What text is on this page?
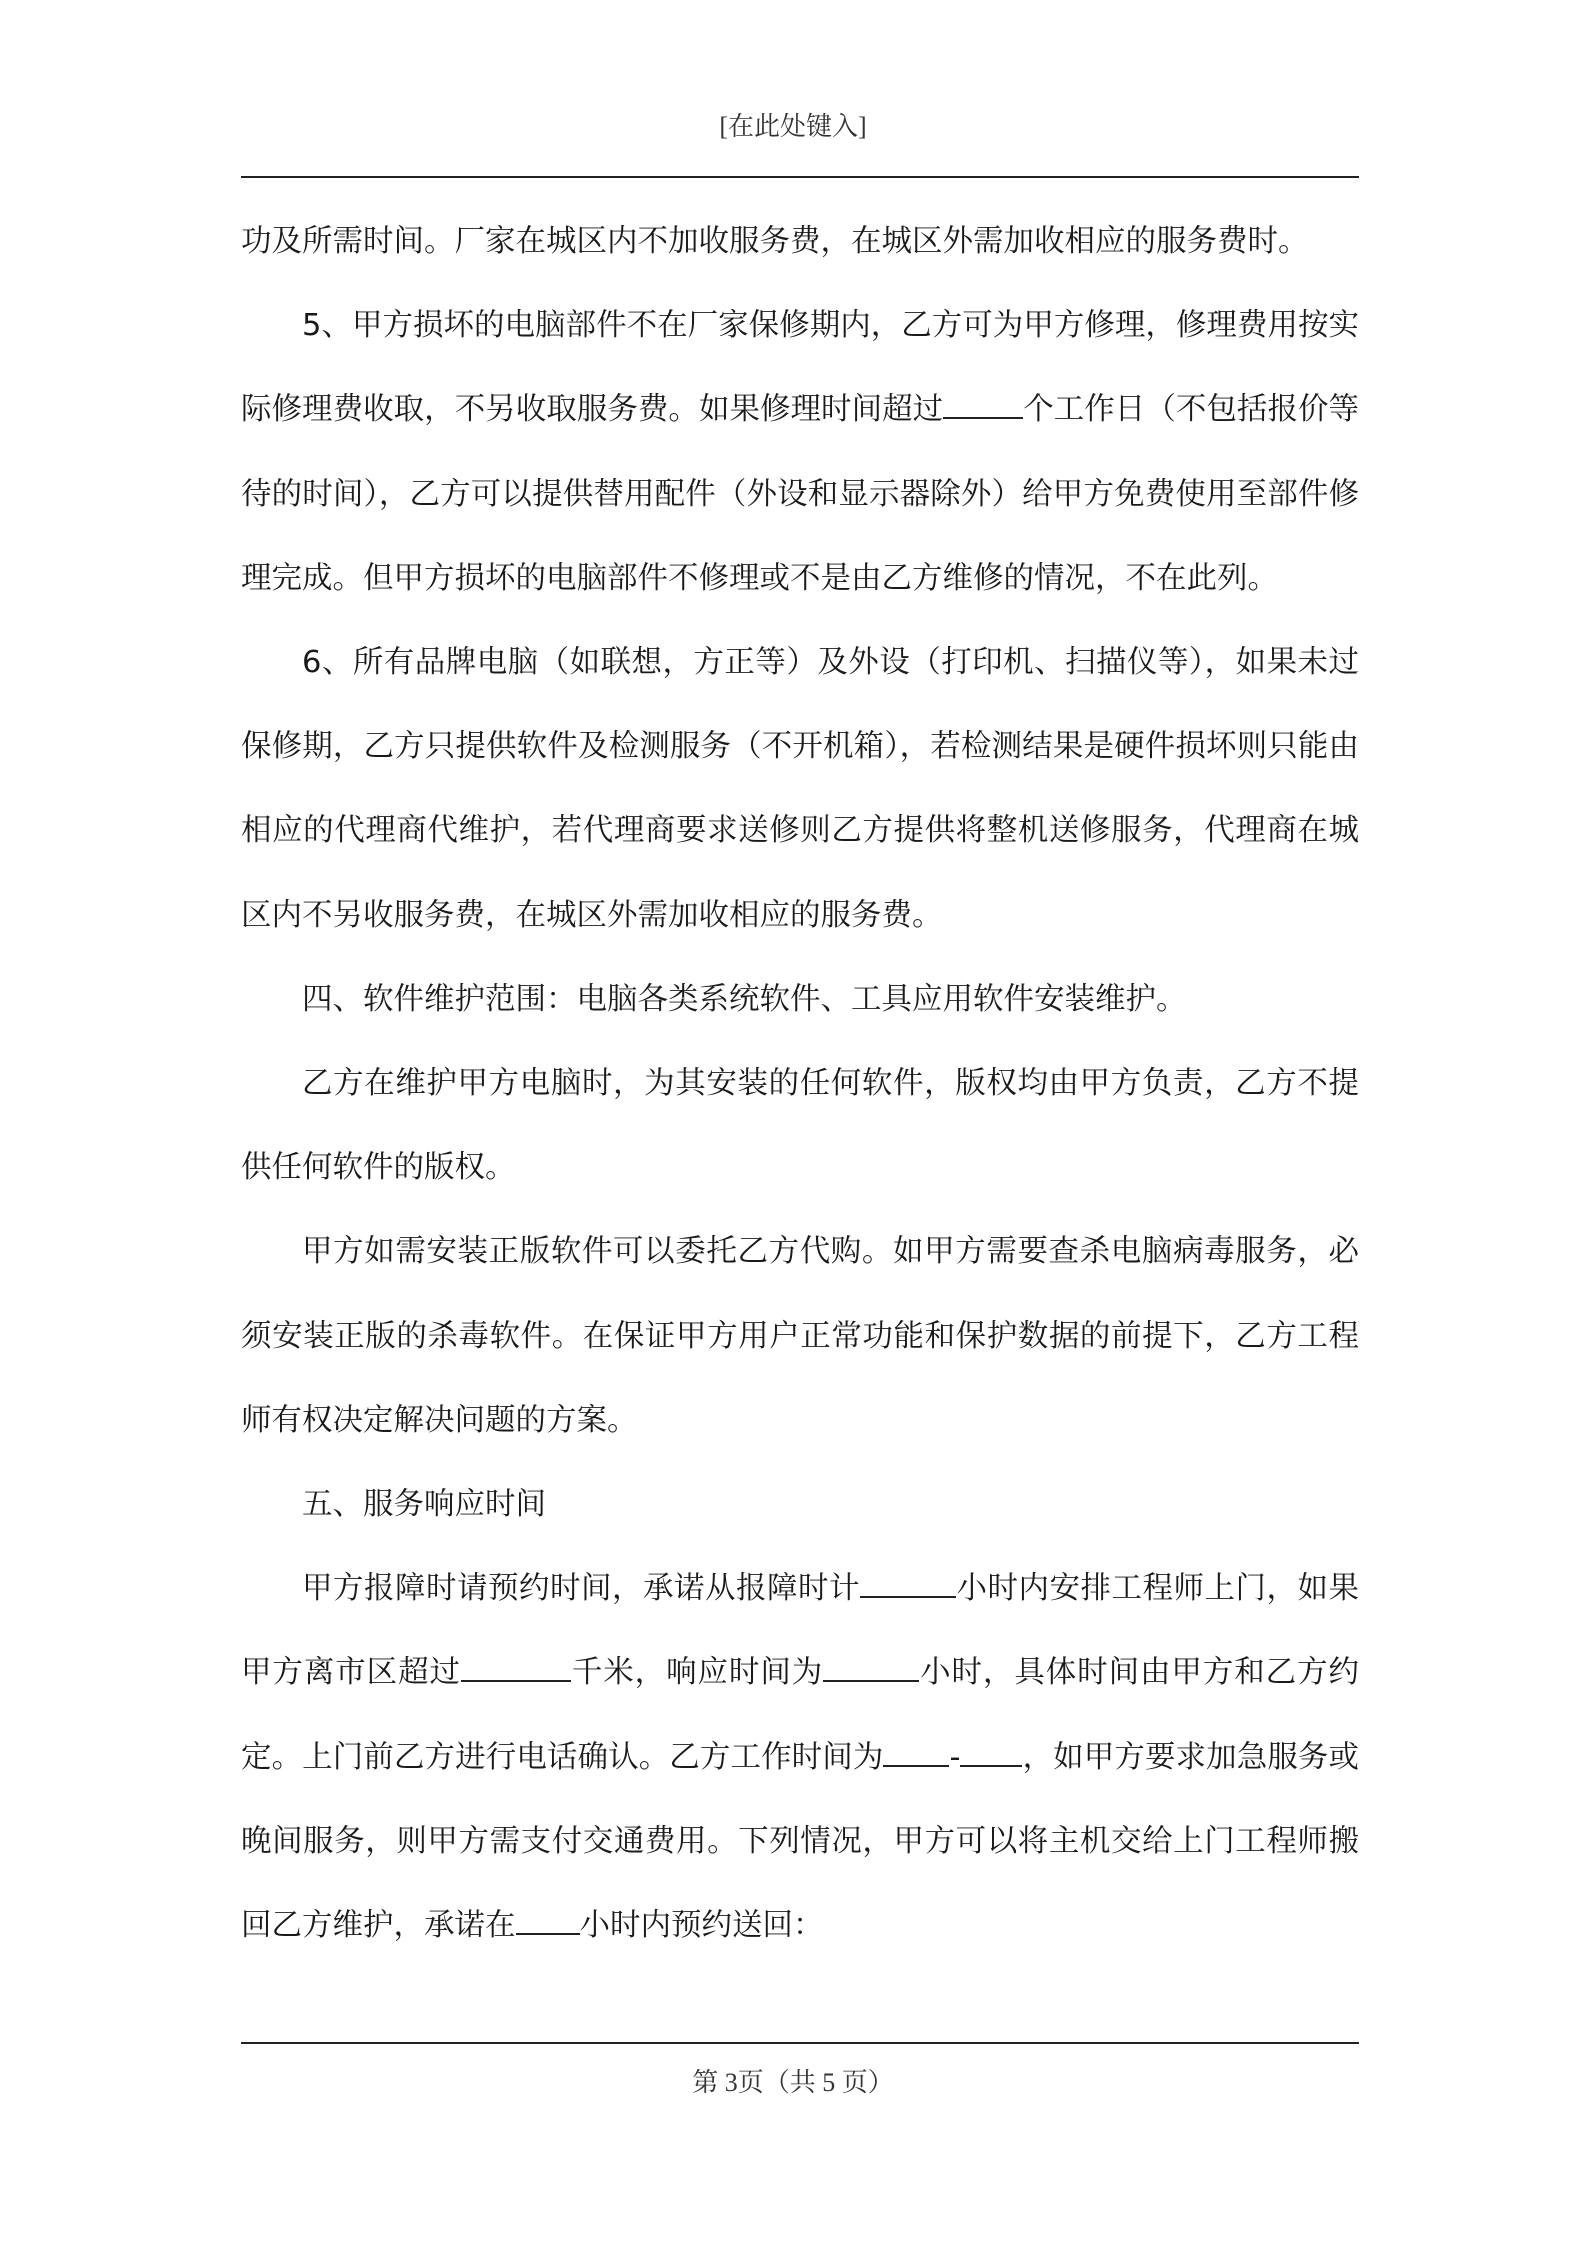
[在此处键入]

功及所需时间。厂家在城区内不加收服务费，在城区外需加收相应的服务费时。

5、甲方损坏的电脑部件不在厂家保修期内，乙方可为甲方修理，修理费用按实际修理费收取，不另收取服务费。如果修理时间超过	个工作日（不包括报价等待的时间），乙方可以提供替用配件（外设和显示器除外）给甲方免费使用至部件修理完成。但甲方损坏的电脑部件不修理或不是由乙方维修的情况，不在此列。

6、所有品牌电脑（如联想，方正等）及外设（打印机、扫描仪等），如果未过保修期，乙方只提供软件及检测服务（不开机箱），若检测结果是硬件损坏则只能由相应的代理商代维护，若代理商要求送修则乙方提供将整机送修服务，代理商在城区内不另收服务费，在城区外需加收相应的服务费。

四、软件维护范围：电脑各类系统软件、工具应用软件安装维护。

乙方在维护甲方电脑时，为其安装的任何软件，版权均由甲方负责，乙方不提供任何软件的版权。

甲方如需安装正版软件可以委托乙方代购。如甲方需要查杀电脑病毒服务，必须安装正版的杀毒软件。在保证甲方用户正常功能和保护数据的前提下，乙方工程师有权决定解决问题的方案。

五、服务响应时间

甲方报障时请预约时间，承诺从报障时计	小时内安排工程师上门，如果甲方离市区超过	千米，响应时间为	小时，具体时间由甲方和乙方约定。上门前乙方进行电话确认。乙方工作时间为 - ，如甲方要求加急服务或晚间服务，则甲方需支付交通费用。下列情况，甲方可以将主机交给上门工程师搬回乙方维护，承诺在 小时内预约送回：

第 3页（共 5 页）
